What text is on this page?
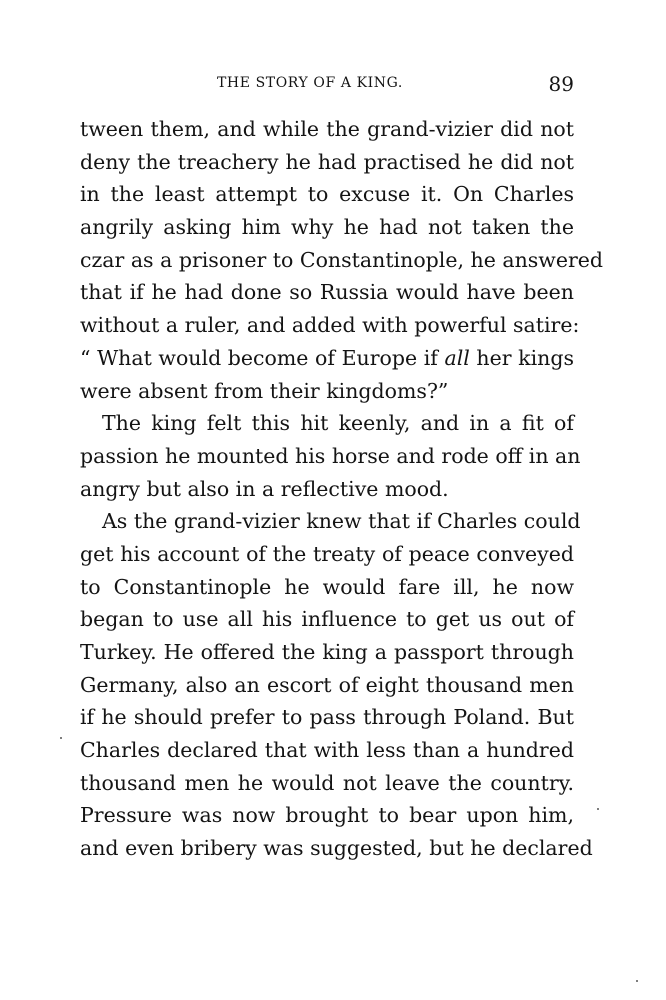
THE STORY OF A KING.	89
tween them, and while the grand-vizier did not
deny the treachery he had practised he did not
in the least attempt to excuse it. On Charles
angrily asking him why he had not taken the
czar as a prisoner to Constantinople, he answered
that if he had done so Russia would have been
without a ruler, and added with powerful satire:
“ What would become of Europe if all her kings
were absent from their kingdoms?”
The king felt this hit keenly, and in a fit of
passion he mounted his horse and rode off in an
angry but also in a reflective mood.
As the grand-vizier knew that if Charles could
get his account of the treaty of peace conveyed
to Constantinople he would fare ill, he now
began to use all his influence to get us out of
Turkey. He offered the king a passport through
Germany, also an escort of eight thousand men
if he should prefer to pass through Poland. But
Charles declared that with less than a hundred
thousand men he would not leave the country.
Pressure was now brought to bear upon him,
and even bribery was suggested, but he declared
